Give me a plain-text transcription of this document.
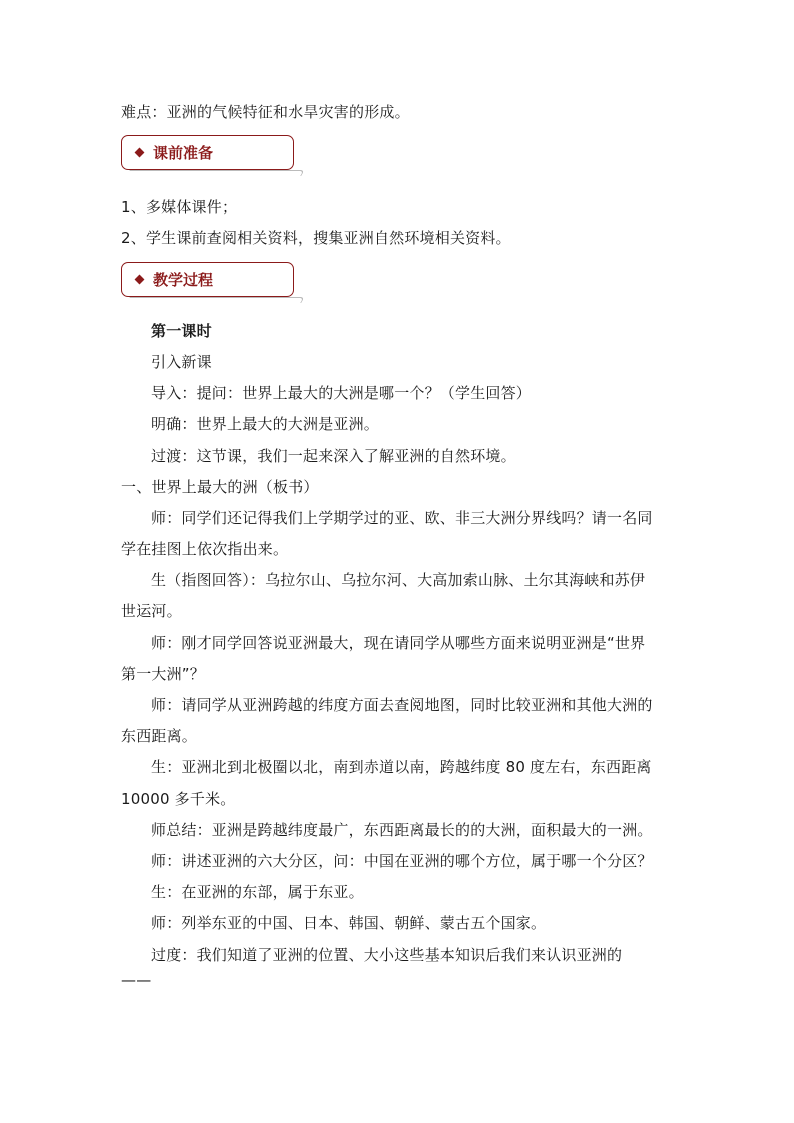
难点：亚洲的气候特征和水旱灾害的形成。
课前准备
1、多媒体课件；
2、学生课前查阅相关资料，搜集亚洲自然环境相关资料。
教学过程
第一课时
引入新课
导入：提问：世界上最大的大洲是哪一个？（学生回答）
明确：世界上最大的大洲是亚洲。
过渡：这节课，我们一起来深入了解亚洲的自然环境。
一、世界上最大的洲（板书）
师：同学们还记得我们上学期学过的亚、欧、非三大洲分界线吗？请一名同
学在挂图上依次指出来。
生（指图回答）：乌拉尔山、乌拉尔河、大高加索山脉、土尔其海峡和苏伊
世运河。
师：刚才同学回答说亚洲最大，现在请同学从哪些方面来说明亚洲是“世界
第一大洲”？
师：请同学从亚洲跨越的纬度方面去查阅地图，同时比较亚洲和其他大洲的
东西距离。
生：亚洲北到北极圈以北，南到赤道以南，跨越纬度 80 度左右，东西距离
10000 多千米。
师总结：亚洲是跨越纬度最广，东西距离最长的的大洲，面积最大的一洲。
师：讲述亚洲的六大分区，问：中国在亚洲的哪个方位，属于哪一个分区？
生：在亚洲的东部，属于东亚。
师：列举东亚的中国、日本、韩国、朝鲜、蒙古五个国家。
过度：我们知道了亚洲的位置、大小这些基本知识后我们来认识亚洲的
——
